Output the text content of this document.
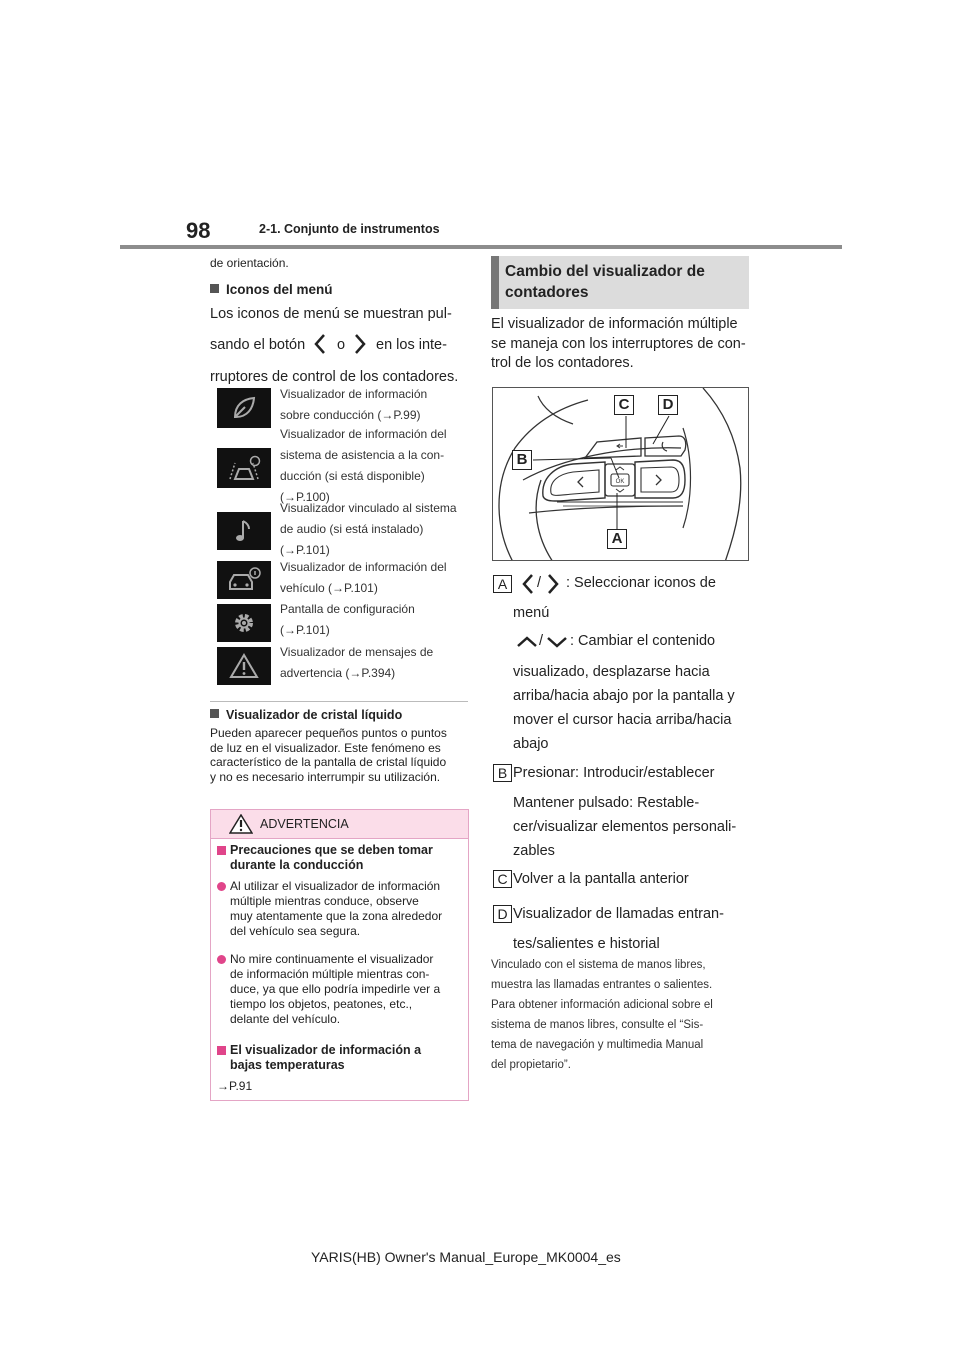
98	2-1. Conjunto de instrumentos
de orientación.
Iconos del menú
Los iconos de menú se muestran pul-
sando el botón o en los inte-
rruptores de control de los contadores.
Visualizador de información
sobre conducción (→P.99)
Visualizador de información del
sistema de asistencia a la con-
ducción (si está disponible)
(→P.100)
Visualizador vinculado al sistema
de audio (si está instalado)
(→P.101)
Visualizador de información del
vehículo (→P.101)
Pantalla de configuración
(→P.101)
Visualizador de mensajes de
advertencia (→P.394)
Visualizador de cristal líquido
Pueden aparecer pequeños puntos o puntos
de luz en el visualizador. Este fenómeno es
característico de la pantalla de cristal líquido
y no es necesario interrumpir su utilización.
ADVERTENCIA
Precauciones que se deben tomar
durante la conducción
Al utilizar el visualizador de información
múltiple mientras conduce, observe
muy atentamente que la zona alrededor
del vehículo sea segura.
No mire continuamente el visualizador
de información múltiple mientras con-
duce, ya que ello podría impedirle ver a
tiempo los objetos, peatones, etc.,
delante del vehículo.
El visualizador de información a
bajas temperaturas
→P.91
Cambio del visualizador de
contadores
El visualizador de información múltiple
se maneja con los interruptores de con-
trol de los contadores.
OK
C	D
B
A
A	/ : Seleccionar iconos de
menú
/ : Cambiar el contenido
visualizado, desplazarse hacia
arriba/hacia abajo por la pantalla y
mover el cursor hacia arriba/hacia
abajo
B Presionar: Introducir/establecer
Mantener pulsado: Restable-
cer/visualizar elementos personali-
zables
C Volver a la pantalla anterior
D Visualizador de llamadas entran-
tes/salientes e historial
Vinculado con el sistema de manos libres,
muestra las llamadas entrantes o salientes.
Para obtener información adicional sobre el
sistema de manos libres, consulte el “Sis-
tema de navegación y multimedia Manual
del propietario”.
YARIS(HB) Owner's Manual_Europe_MK0004_es
